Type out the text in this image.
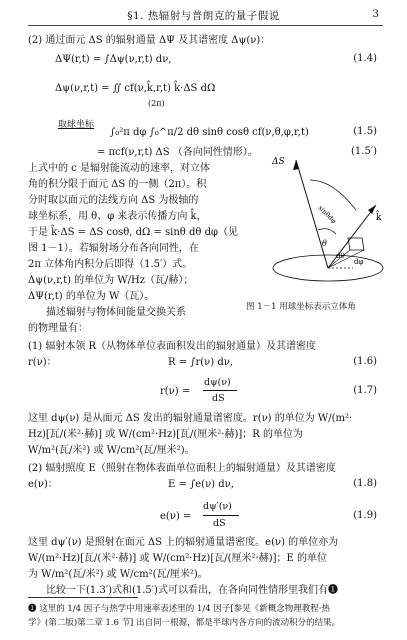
§1. 热辐射与普朗克的量子假说	3
(2) 通过面元 ΔS 的辐射通量 ΔΨ 及其谱密度 Δψ(ν)：
ΔΨ(r,t) = ∫Δψ(ν,r,t) dν,	(1.4)
Δψ(ν,r,t) = ∬ cf(ν,k̂,r,t) k̂·ΔS dΩ
(2π)
取球坐标
∫₀²π dφ ∫₀^π/2 dθ sinθ cosθ cf(ν,θ,φ,r,t)	(1.5)
= πcf(ν,r,t) ΔS （各向同性情形）。	(1.5′)
上式中的 c 是辐射能流动的速率，对立体
角的积分限于面元 ΔS 的一侧（2π）。积
分时取以面元的法线方向 ΔS 为极轴的
球坐标系，用 θ、φ 来表示传播方向 k̂，
于是 k̂·ΔS = ΔS cosθ, dΩ = sinθ dθ dφ（见
图 1－1）。若辐射场分布各向同性，在
2π 立体角内积分后即得（1.5′）式。
Δψ(ν,r,t) 的单位为 W/Hz（瓦/赫）；
ΔΨ(r,t) 的单位为 W（瓦）。
描述辐射与物体间能量交换关系
的物理量有：
ΔS
k̂
θ
dθ
sinθdφ
dφ
图 1－1 用球坐标表示立体角
(1) 辐射本领 R（从物体单位表面积发出的辐射通量）及其谱密度
r(ν)：	R = ∫r(ν) dν,	(1.6)
r(ν) =
dψ(ν)
dS
(1.7)
这里 dψ(ν) 是从面元 ΔS 发出的辐射通量谱密度。r(ν) 的单位为 W/(m²·
Hz)[瓦/(米²·赫)] 或 W/(cm²·Hz)[瓦/(厘米²·赫)]；R 的单位为
W/m²(瓦/米²) 或 W/cm²(瓦/厘米²)。
(2) 辐射照度 E（照射在物体表面单位面积上的辐射通量）及其谱密度
e(ν)：	E = ∫e(ν) dν,	(1.8)
e(ν) =
dψ′(ν)
dS
(1.9)
这里 dψ′(ν) 是照射在面元 ΔS 上的辐射通量谱密度。e(ν) 的单位亦为
W/(m²·Hz)[瓦/(米²·赫)] 或 W/(cm²·Hz)[瓦/(厘米²·赫)]；E 的单位
为 W/m²(瓦/米²) 或 W/cm²(瓦/厘米²)。
比较一下(1.3′)式和(1.5′)式可以看出，在各向同性情形里我们有❶
❶ 这里的 1/4 因子与热学中用速率表述里的 1/4 因子[参见《新概念物理教程·热
学》(第二版)第二章 1.6 节] 出自同一根源，都是半球内各方向的流动积分的结果。
